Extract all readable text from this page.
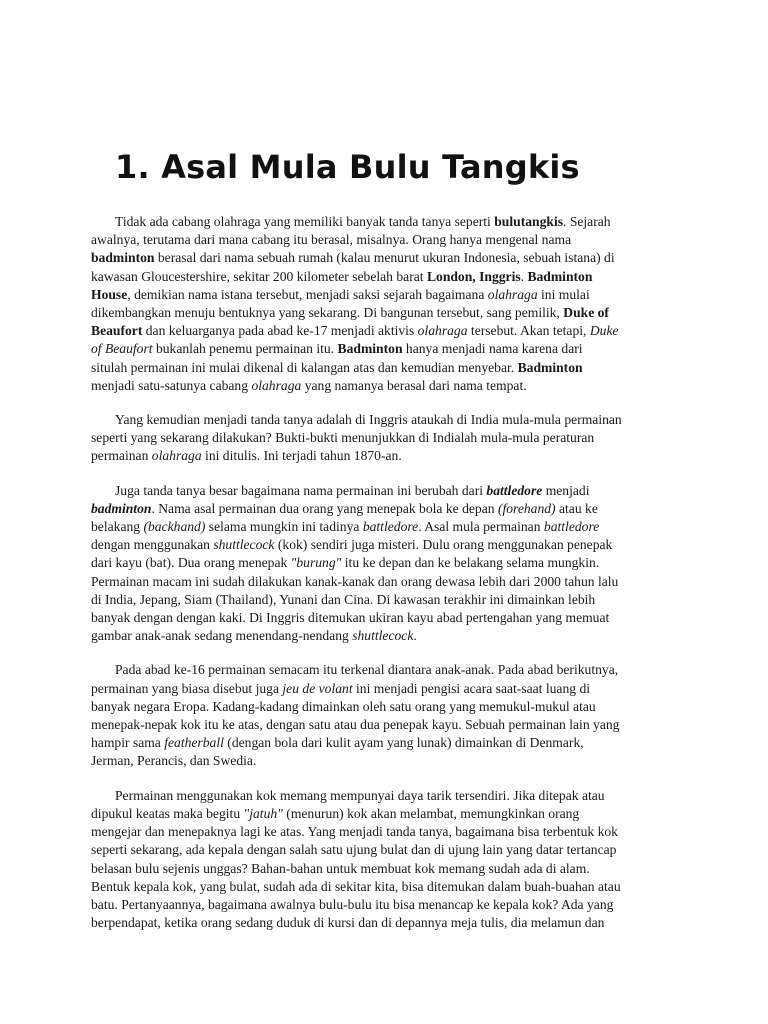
1. Asal Mula Bulu Tangkis

Tidak ada cabang olahraga yang memiliki banyak tanda tanya seperti bulutangkis. Sejarah
awalnya, terutama dari mana cabang itu berasal, misalnya. Orang hanya mengenal nama
badminton berasal dari nama sebuah rumah (kalau menurut ukuran Indonesia, sebuah istana) di
kawasan Gloucestershire, sekitar 200 kilometer sebelah barat London, Inggris. Badminton
House, demikian nama istana tersebut, menjadi saksi sejarah bagaimana olahraga ini mulai
dikembangkan menuju bentuknya yang sekarang. Di bangunan tersebut, sang pemilik, Duke of
Beaufort dan keluarganya pada abad ke-17 menjadi aktivis olahraga tersebut. Akan tetapi, Duke
of Beaufort bukanlah penemu permainan itu. Badminton hanya menjadi nama karena dari
situlah permainan ini mulai dikenal di kalangan atas dan kemudian menyebar. Badminton
menjadi satu-satunya cabang olahraga yang namanya berasal dari nama tempat.

Yang kemudian menjadi tanda tanya adalah di Inggris ataukah di India mula-mula permainan
seperti yang sekarang dilakukan? Bukti-bukti menunjukkan di Indialah mula-mula peraturan
permainan olahraga ini ditulis. Ini terjadi tahun 1870-an.

Juga tanda tanya besar bagaimana nama permainan ini berubah dari battledore menjadi
badminton. Nama asal permainan dua orang yang menepak bola ke depan (forehand) atau ke
belakang (backhand) selama mungkin ini tadinya battledore. Asal mula permainan battledore
dengan menggunakan shuttlecock (kok) sendiri juga misteri. Dulu orang menggunakan penepak
dari kayu (bat). Dua orang menepak "burung" itu ke depan dan ke belakang selama mungkin.
Permainan macam ini sudah dilakukan kanak-kanak dan orang dewasa lebih dari 2000 tahun lalu
di India, Jepang, Siam (Thailand), Yunani dan Cina. Di kawasan terakhir ini dimainkan lebih
banyak dengan dengan kaki. Di Inggris ditemukan ukiran kayu abad pertengahan yang memuat
gambar anak-anak sedang menendang-nendang shuttlecock.

Pada abad ke-16 permainan semacam itu terkenal diantara anak-anak. Pada abad berikutnya,
permainan yang biasa disebut juga jeu de volant ini menjadi pengisi acara saat-saat luang di
banyak negara Eropa. Kadang-kadang dimainkan oleh satu orang yang memukul-mukul atau
menepak-nepak kok itu ke atas, dengan satu atau dua penepak kayu. Sebuah permainan lain yang
hampir sama featherball (dengan bola dari kulit ayam yang lunak) dimainkan di Denmark,
Jerman, Perancis, dan Swedia.

Permainan menggunakan kok memang mempunyai daya tarik tersendiri. Jika ditepak atau
dipukul keatas maka begitu "jatuh" (menurun) kok akan melambat, memungkinkan orang
mengejar dan menepaknya lagi ke atas. Yang menjadi tanda tanya, bagaimana bisa terbentuk kok
seperti sekarang, ada kepala dengan salah satu ujung bulat dan di ujung lain yang datar tertancap
belasan bulu sejenis unggas? Bahan-bahan untuk membuat kok memang sudah ada di alam.
Bentuk kepala kok, yang bulat, sudah ada di sekitar kita, bisa ditemukan dalam buah-buahan atau
batu. Pertanyaannya, bagaimana awalnya bulu-bulu itu bisa menancap ke kepala kok? Ada yang
berpendapat, ketika orang sedang duduk di kursi dan di depannya meja tulis, dia melamun dan
